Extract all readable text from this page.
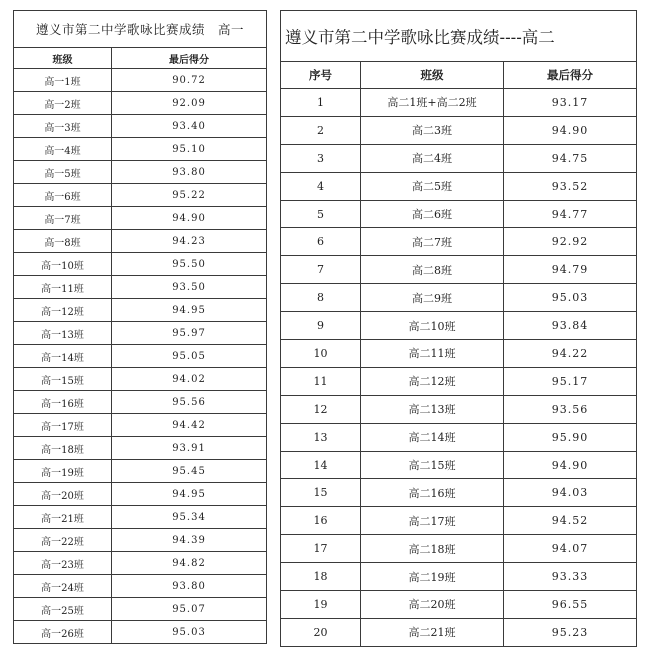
遵义市第二中学歌咏比赛成绩　高一	
班级	最后得分
高一1班	90.72
高一2班	92.09
高一3班	93.40
高一4班	95.10
高一5班	93.80
高一6班	95.22
高一7班	94.90
高一8班	94.23
高一10班	95.50
高一11班	93.50
高一12班	94.95
高一13班	95.97
高一14班	95.05
高一15班	94.02
高一16班	95.56
高一17班	94.42
高一18班	93.91
高一19班	95.45
高一20班	94.95
高一21班	95.34
高一22班	94.39
高一23班	94.82
高一24班	93.80
高一25班	95.07
高一26班	95.03
遵义市第二中学歌咏比赛成绩----高二		
序号	班级	最后得分
1	高二1班+高二2班	93.17
2	高二3班	94.90
3	高二4班	94.75
4	高二5班	93.52
5	高二6班	94.77
6	高二7班	92.92
7	高二8班	94.79
8	高二9班	95.03
9	高二10班	93.84
10	高二11班	94.22
11	高二12班	95.17
12	高二13班	93.56
13	高二14班	95.90
14	高二15班	94.90
15	高二16班	94.03
16	高二17班	94.52
17	高二18班	94.07
18	高二19班	93.33
19	高二20班	96.55
20	高二21班	95.23
